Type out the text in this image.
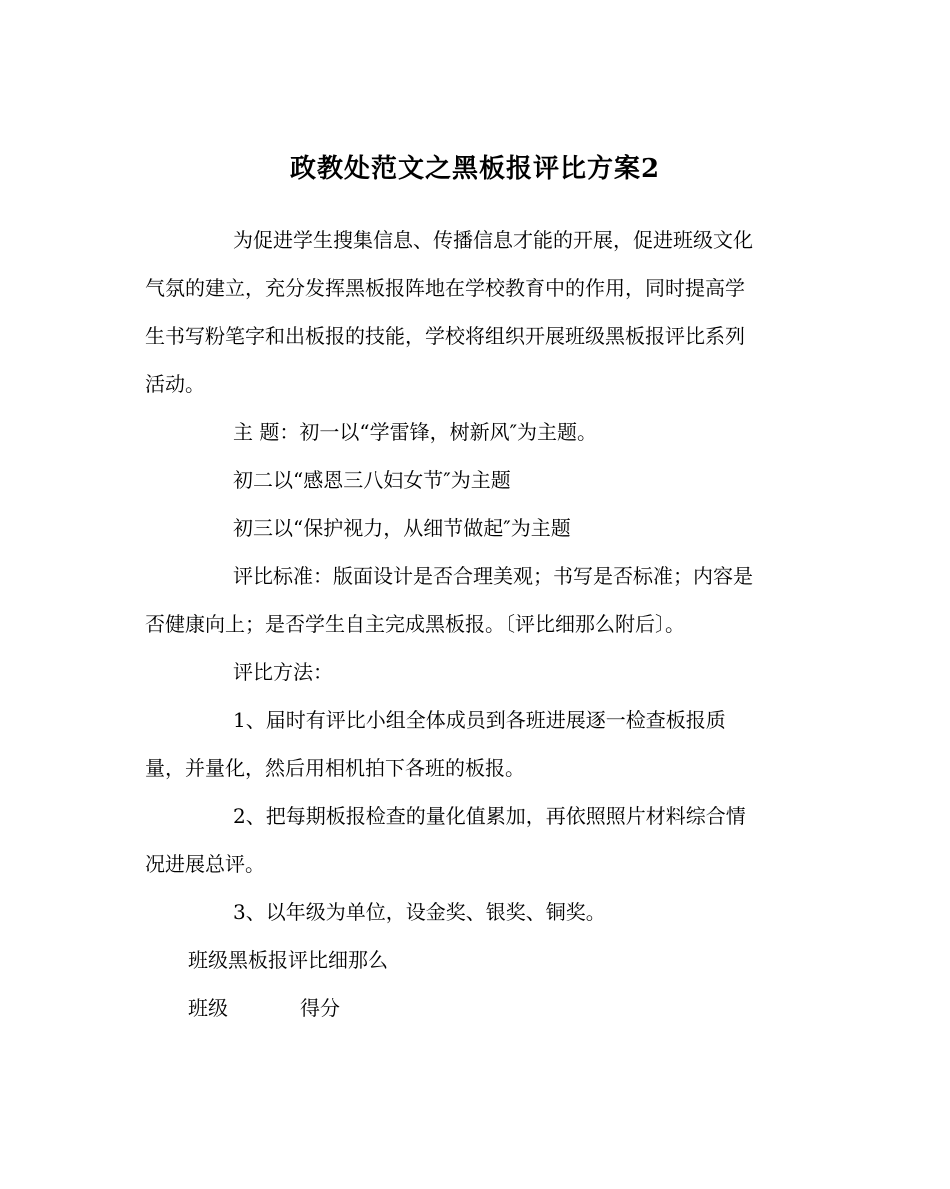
政教处范文之黑板报评比方案2

为促进学生搜集信息、传播信息才能的开展，促进班级文化

气氛的建立，充分发挥黑板报阵地在学校教育中的作用，同时提高学

生书写粉笔字和出板报的技能，学校将组织开展班级黑板报评比系列

活动。

主 题：初一以“学雷锋，树新风″为主题。

初二以“感恩三八妇女节″为主题

初三以“保护视力，从细节做起″为主题

评比标准：版面设计是否合理美观；书写是否标准；内容是

否健康向上；是否学生自主完成黑板报。〔评比细那么附后〕。

评比方法：

1、届时有评比小组全体成员到各班进展逐一检查板报质

量，并量化，然后用相机拍下各班的板报。

2、把每期板报检查的量化值累加，再依照照片材料综合情

况进展总评。

3、以年级为单位，设金奖、银奖、铜奖。

班级黑板报评比细那么

班级	得分
